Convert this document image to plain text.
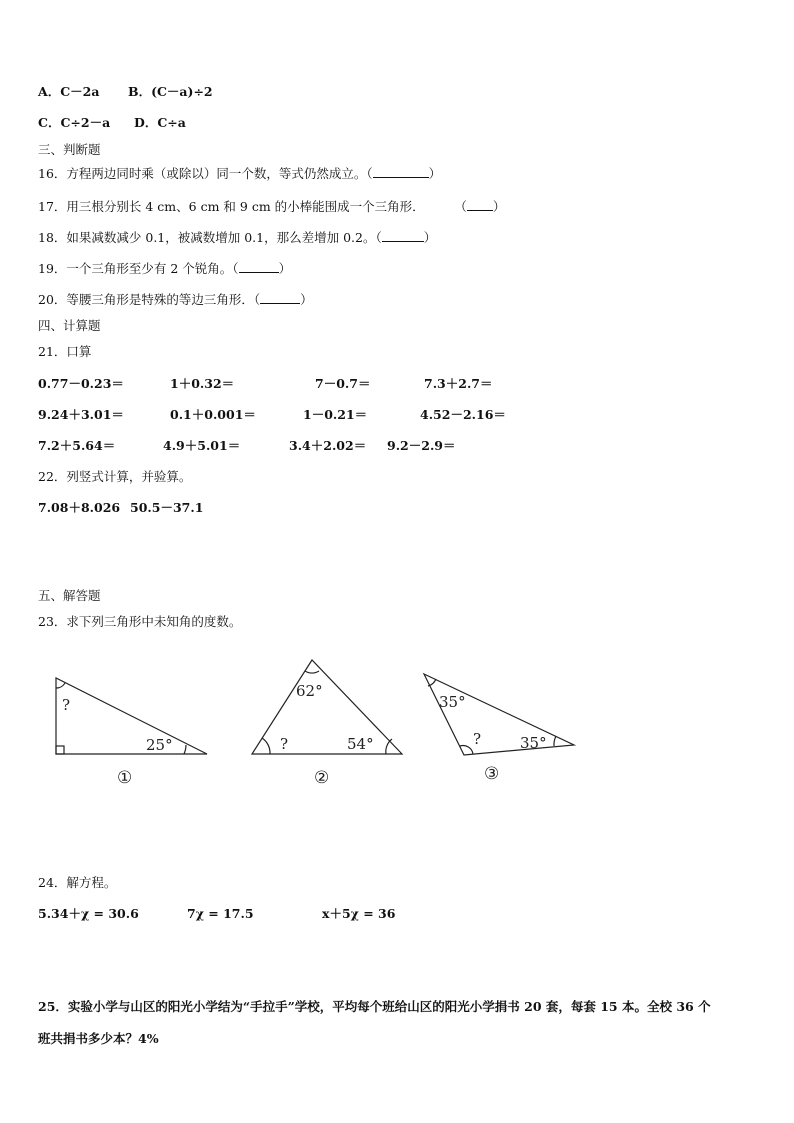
A．C－2a B．(C－a)÷2
C．C÷2－a D．C÷a
三、判断题
16．方程两边同时乘（或除以）同一个数，等式仍然成立。（	）
17．用三根分别长 4 cm、6 cm 和 9 cm 的小棒能围成一个三角形．	（ ）
18．如果减数减少 0.1，被减数增加 0.1，那么差增加 0.2。（	）
19．一个三角形至少有 2 个锐角。（	）
20．等腰三角形是特殊的等边三角形．（	）
四、计算题
21．口算
0.77－0.23＝	1＋0.32＝	7－0.7＝	7.3＋2.7＝
9.24＋3.01＝	0.1＋0.001＝	1－0.21＝	4.52－2.16＝
7.2＋5.64＝	4.9＋5.01＝	3.4＋2.02＝ 9.2－2.9＝
22．列竖式计算，并验算。
7.08＋8.026 50.5－37.1
五、解答题
23．求下列三角形中未知角的度数。
?
25°
①
62°
?	54°
②
35°
?	35°
③
24．解方程。
5.34＋χ = 30.6	7χ = 17.5	x＋5χ = 36
25．实验小学与山区的阳光小学结为“手拉手”学校，平均每个班给山区的阳光小学捐书 20 套，每套 15 本。全校 36 个
班共捐书多少本？4%
